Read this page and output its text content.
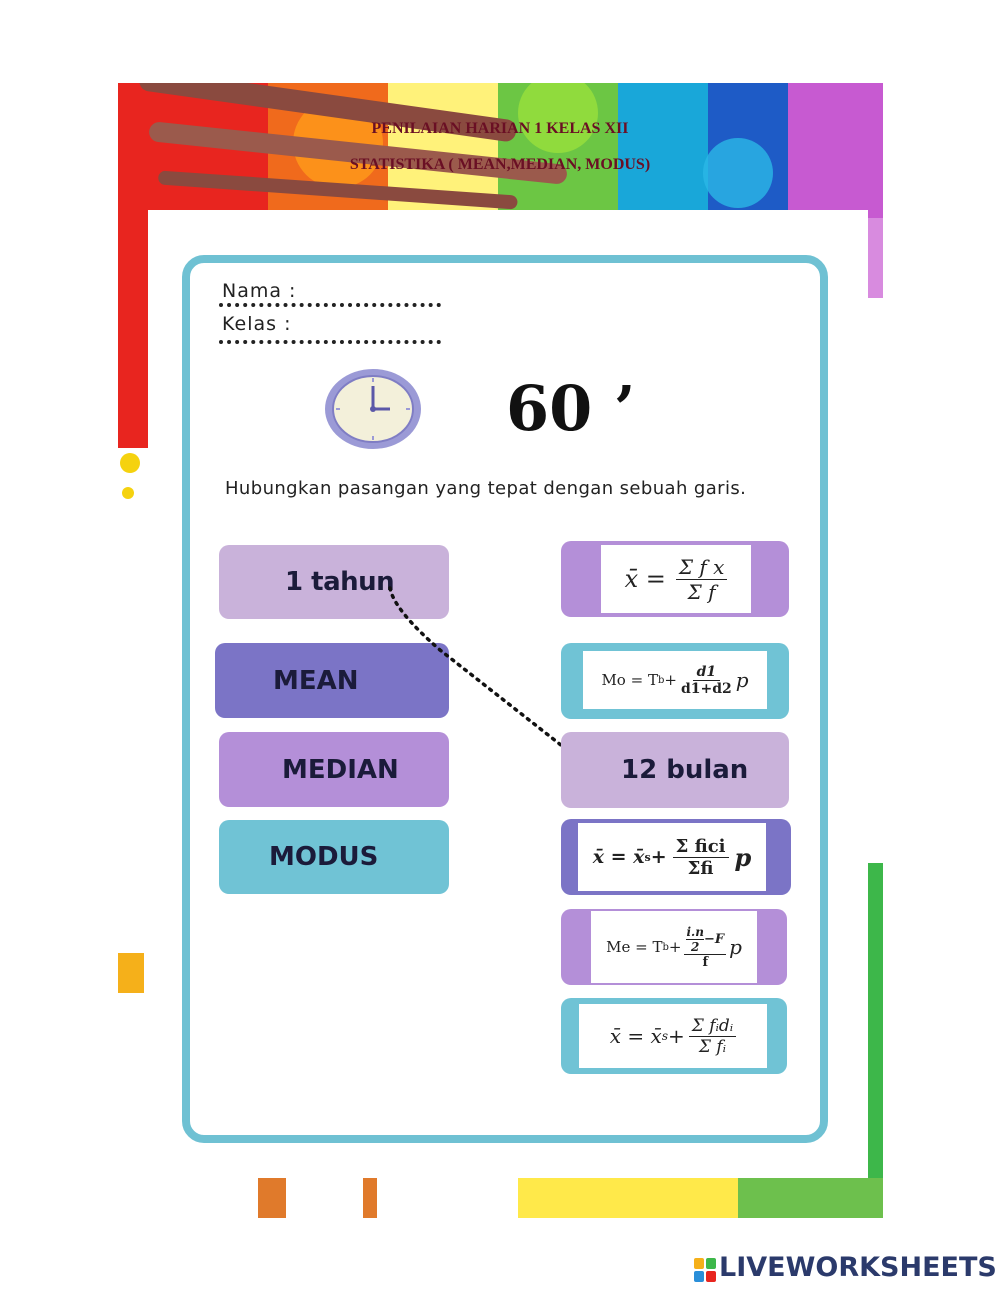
PENILAIAN HARIAN 1 KELAS XII
STATISTIKA ( MEAN,MEDIAN, MODUS)
Nama :
Kelas :
60 ’
Hubungkan pasangan yang tepat dengan sebuah garis.
1 tahun
MEAN
MEDIAN
MODUS
x̄ = $\frac{\text{Σ f x}}{\text{Σ f}}$
Mo = T $b + \frac{d1}{d1+d2}$ p
12 bulan
x̄ = x̄ s + Σ fici
Σfi p
Me = T $b + \frac{\frac{i.n}{2} -F}{f}$ p
x̄ = x̄ s + Σ fᵢdᵢ
Σ fᵢ
LIVEWORKSHEETS
